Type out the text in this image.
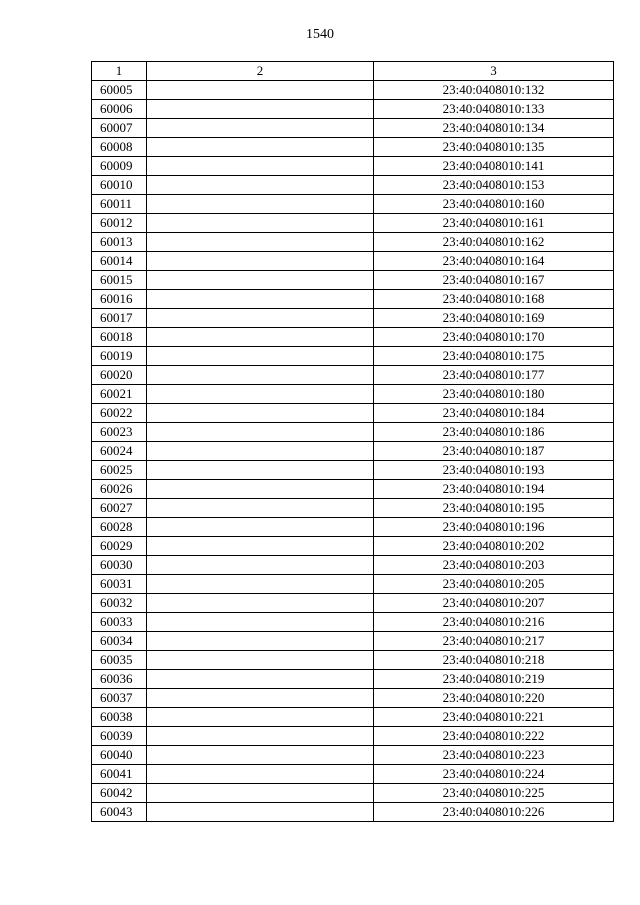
1540
1	2	3
60005		23:40:0408010:132
60006		23:40:0408010:133
60007		23:40:0408010:134
60008		23:40:0408010:135
60009		23:40:0408010:141
60010		23:40:0408010:153
60011		23:40:0408010:160
60012		23:40:0408010:161
60013		23:40:0408010:162
60014		23:40:0408010:164
60015		23:40:0408010:167
60016		23:40:0408010:168
60017		23:40:0408010:169
60018		23:40:0408010:170
60019		23:40:0408010:175
60020		23:40:0408010:177
60021		23:40:0408010:180
60022		23:40:0408010:184
60023		23:40:0408010:186
60024		23:40:0408010:187
60025		23:40:0408010:193
60026		23:40:0408010:194
60027		23:40:0408010:195
60028		23:40:0408010:196
60029		23:40:0408010:202
60030		23:40:0408010:203
60031		23:40:0408010:205
60032		23:40:0408010:207
60033		23:40:0408010:216
60034		23:40:0408010:217
60035		23:40:0408010:218
60036		23:40:0408010:219
60037		23:40:0408010:220
60038		23:40:0408010:221
60039		23:40:0408010:222
60040		23:40:0408010:223
60041		23:40:0408010:224
60042		23:40:0408010:225
60043		23:40:0408010:226
